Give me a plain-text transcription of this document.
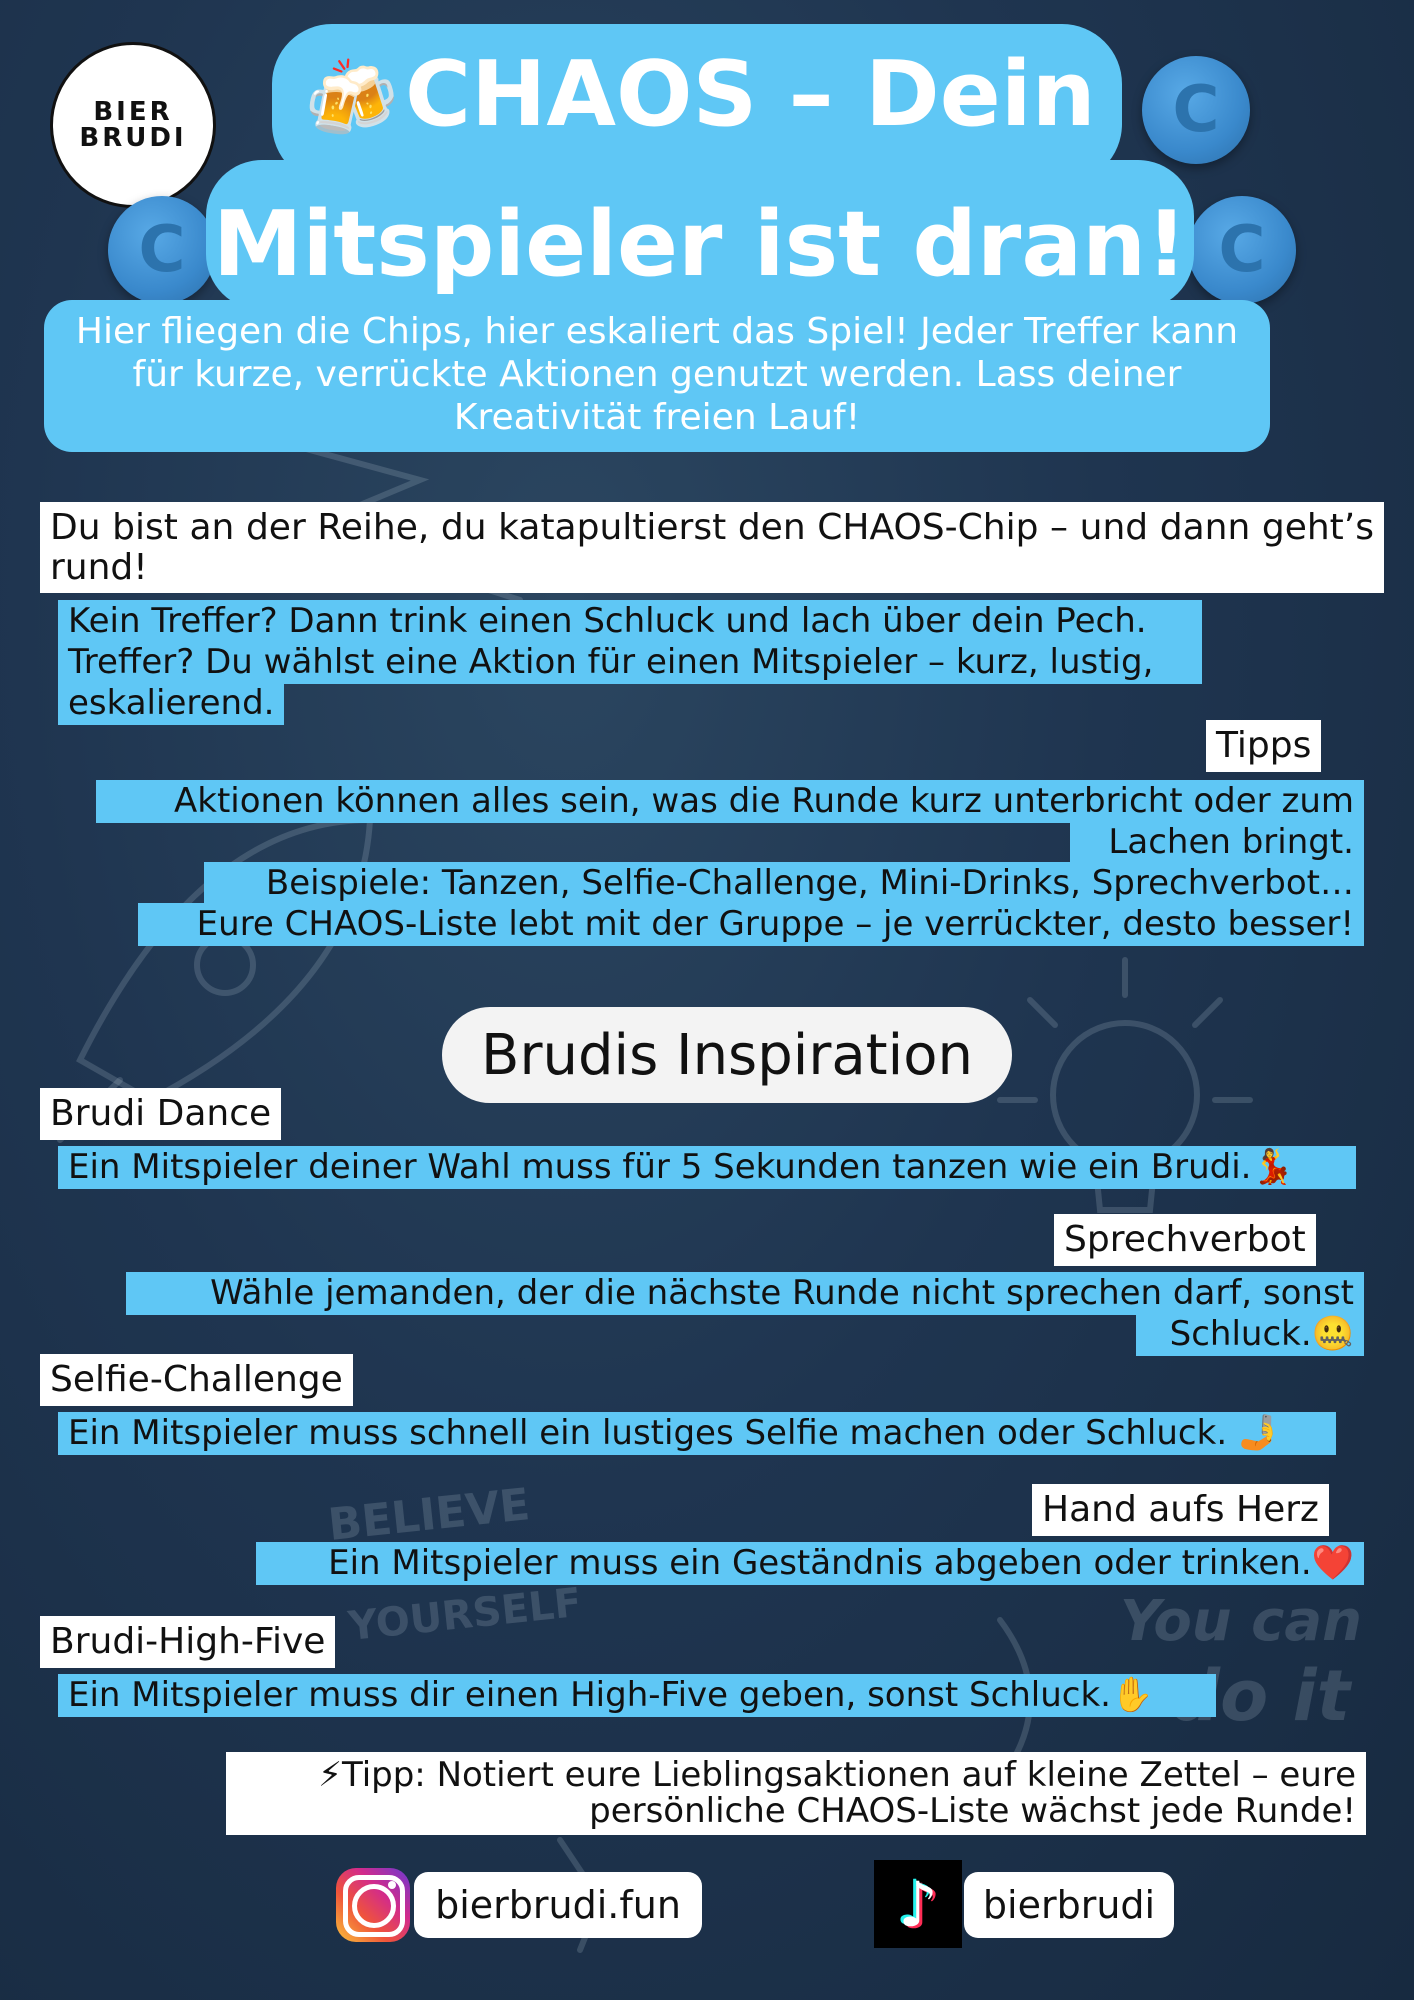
BELIEVE
YOURSELF	You can
do it
BIER
BRUDI
C
C
C	🍻CHAOS – Dein
Mitspieler ist dran!
Hier fliegen die Chips, hier eskaliert das Spiel! Jeder Treffer kann für kurze, verrückte Aktionen genutzt werden. Lass deiner Kreativität freien Lauf!
Du bist an der Reihe, du katapultierst den CHAOS-Chip – und dann geht’s rund!
Kein Treffer? Dann trink einen Schluck und lach über dein Pech.
Treffer? Du wählst eine Aktion für einen Mitspieler – kurz, lustig,
eskalierend.
Tipps
Aktionen können alles sein, was die Runde kurz unterbricht oder zum
Lachen bringt.
Beispiele: Tanzen, Selfie-Challenge, Mini-Drinks, Sprechverbot…
Eure CHAOS-Liste lebt mit der Gruppe – je verrückter, desto besser!
Brudis Inspiration
Brudi Dance
Ein Mitspieler deiner Wahl muss für 5 Sekunden tanzen wie ein Brudi.💃
Sprechverbot
Wähle jemanden, der die nächste Runde nicht sprechen darf, sonst
Schluck.🤐
Selfie-Challenge
Ein Mitspieler muss schnell ein lustiges Selfie machen oder Schluck. 🤳
Hand aufs Herz
Ein Mitspieler muss ein Geständnis abgeben oder trinken.❤️
Brudi-High-Five
Ein Mitspieler muss dir einen High-Five geben, sonst Schluck.✋
⚡Tipp: Notiert eure Lieblingsaktionen auf kleine Zettel – eure
persönliche CHAOS-Liste wächst jede Runde!
bierbrudi.fun	♪	bierbrudi
